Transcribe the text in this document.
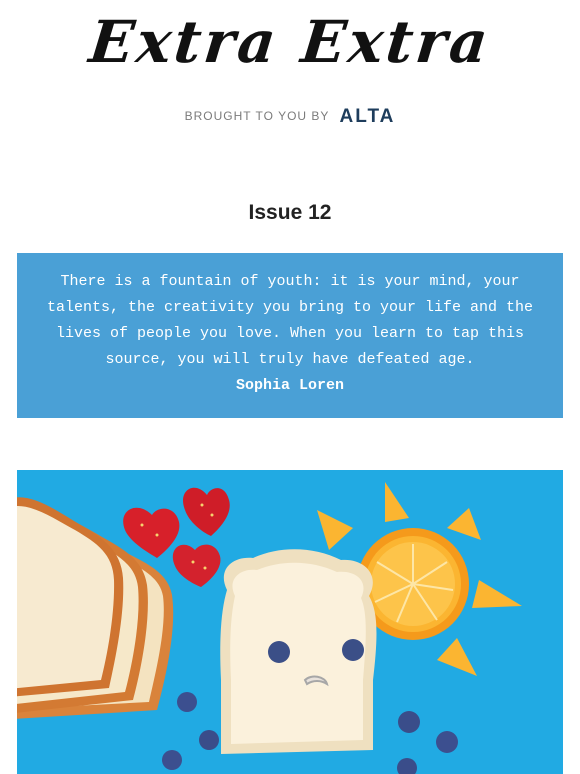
Extra Extra
BROUGHT TO YOU BY ALTA
Issue 12
There is a fountain of youth: it is your mind, your talents, the creativity you bring to your life and the lives of people you love. When you learn to tap this source, you will truly have defeated age.
Sophia Loren
